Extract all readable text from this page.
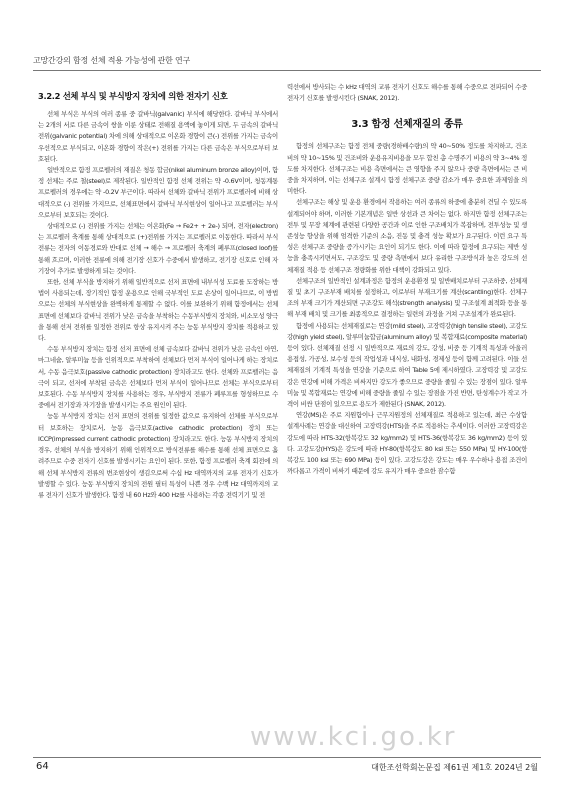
고망간강의 함정 선체 적용 가능성에 관한 연구
3.2.2 선체 부식 및 부식방지 장치에 의한 전자기 신호

선체 부식은 부식의 여러 종류 중 갈바닉(galvanic) 부식에 해당한다. 갈바닉 부식에서는 2개의 서로 다른 금속이 쌍을 이룬 상태로 전해질 용액에 놓이게 되면, 두 금속의 갈바닉 전위(galvanic potential) 차에 의해 상대적으로 이온화 경향이 큰(-) 전위를 가지는 금속이 우선적으로 부식되고, 이온화 경향이 작은(+) 전위를 가지는 다른 금속은 부식으로부터 보호된다.

일반적으로 함정 프로펠러의 재질은 청동 합금(nikel aluminum bronze alloy)이며, 함정 선체는 주로 철(steel)로 제작된다. 일반적인 함정 선체 전위는 약 -0.6V이며, 청동계통 프로펠러의 경우에는 약 -0.2V 부근이다. 따라서 선체와 갈바닉 전위가 프로펠러에 비해 상대적으로 (-) 전위를 가지므로, 선체표면에서 갈바닉 부식현상이 일어나고 프로펠러는 부식으로부터 보호되는 것이다.

상대적으로 (-) 전위를 가지는 선체는 이온화(Fe → Fe2+ + 2e-) 되며, 전자(electron)는 프로펠러 축계를 통해 상대적으로 (+)전위를 가지는 프로펠러로 이동한다. 따라서 부식전류는 전자의 이동경로와 반대로 선체 → 해수 → 프로펠러 축계의 폐루프(closed loof)를 통해 흐르며, 이러한 전류에 의해 전기장 신호가 수중에서 발생하고, 전기장 신호로 인해 자기장이 추가로 발생하게 되는 것이다.

또한, 선체 부식을 방지하기 위해 일반적으로 선저 표면에 내부식성 도료를 도장하는 방법이 사용되는데, 장기적인 함정 운용으로 인해 국부적인 도료 손상이 일어나므로, 이 방법으로는 선체의 부식현상을 완벽하게 통제할 수 없다. 이를 보완하기 위해 함정에서는 선체 표면에 선체보다 갈바닉 전위가 낮은 금속을 부착하는 수동부식방지 장치와, 비소모성 양극을 통해 선저 전위를 일정한 전위로 항상 유지시켜 주는 능동 부식방지 장치를 적용하고 있다.

수동 부식방지 장치는 함정 선저 표면에 선체 금속보다 갈바닉 전위가 낮은 금속인 아연, 마그네슘, 알루미늄 등을 인위적으로 부착하여 선체보다 먼저 부식이 일어나게 하는 장치로서, 수동 음극보호(passive cathodic protection) 장치라고도 한다. 선체와 프로펠러는 음극이 되고, 선저에 부착된 금속은 선체보다 먼저 부식이 일어나므로 선체는 부식으로부터 보호된다. 수동 부식방지 장치를 사용하는 경우, 부식방지 전류가 폐루프를 형성하므로 수중에서 전기장과 자기장을 발생시키는 주요 원인이 된다.

능동 부식방지 장치는 선저 표면의 전위를 일정한 값으로 유지하여 선체를 부식으로부터 보호하는 장치로서, 능동 음극보호(active cathodic protection) 장치 또는 ICCP(impressed current cathodic protection) 장치라고도 한다. 능동 부식방지 장치의 경우, 선체의 부식을 방지하기 위해 인위적으로 방식전류를 해수를 통해 선체 표면으로 흘려주므로 수중 전자기 신호를 발생시키는 요인이 된다. 또한, 함정 프로펠러 축계 회전에 의해 선체 부식방지 전류의 변조현상이 생김으로써 수십 Hz 대역까지의 교류 전자기 신호가 발생할 수 있다. 능동 부식방지 장치의 전원 필터 특성이 나쁜 경우 수백 Hz 대역까지의 교류 전자기 신호가 발생한다. 함정 내 60 Hz와 400 Hz를 사용하는 각종 전력기기 및 전

력선에서 방사되는 수 kHz 대역의 교류 전자기 신호도 해수를 통해 수중으로 전파되어 수중 전자기 신호를 발생시킨다 (SNAK, 2012).

3.3 함정 선체재질의 종류

함정의 선체구조는 함정 전체 중량(경하배수량)의 약 40~50% 정도를 차지하고, 건조비의 약 10~15% 및 건조비와 운용유지비용을 모두 합친 총 수명주기 비용의 약 3~4% 정도를 차지한다. 선체구조는 비용 측면에서는 큰 영향을 주지 않으나 중량 측면에서는 큰 비중을 차지하며, 이는 선체구조 설계시 함정 선체구조 중량 감소가 매우 중요한 과제임을 의미한다.

선체구조는 해상 및 운용 환경에서 작용하는 여러 종류의 하중에 충분히 견딜 수 있도록 설계되어야 하며, 이러한 기본개념은 일반 상선과 큰 차이는 없다. 하지만 함정 선체구조는 전투 및 무장 체계에 관련된 다양한 공간과 이로 인한 구조배치가 복잡하며, 전투성능 및 생존성능 향상을 위해 엄격한 기준의 소음, 진동 및 충격 성능 확보가 요구된다. 이런 요구 특성은 선체구조 중량을 증가시키는 요인이 되기도 한다. 이에 따라 함정에 요구되는 제반 성능을 충족시키면서도, 구조강도 및 중량 측면에서 보다 유리한 구조방식과 높은 강도의 선체재질 적용 등 선체구조 경량화를 위한 대책이 강화되고 있다.

선체구조의 일반적인 설계과정은 함정의 운용환경 및 일반배치로부터 구조하중, 선체재질 및 초기 구조부재 배치를 설정하고, 이로부터 부재크기를 계산(scantling)한다. 선체구조의 부재 크기가 계산되면 구조강도 해석(strength analysis) 및 구조설계 최적화 등을 통해 부재 배치 및 크기를 최종적으로 결정하는 일련의 과정을 거쳐 구조설계가 완료된다.

함정에 사용되는 선체재질로는 연강(mild steel), 고장력강(high tensile steel), 고강도강(high yield steel), 알루미늄합금(aluminum alloy) 및 복합재료(composite material) 등이 있다. 선체재질 선정 시 일반적으로 재료의 강도, 강성, 비중 등 기계적 특성과 아울러 용접성, 가공성, 보수성 등의 작업성과 내식성, 내화성, 경제성 등이 함께 고려된다. 이들 선체재질의 기계적 특성을 연강을 기준으로 하여 Table 5에 제시하였다. 고장력강 및 고강도강은 연강에 비해 가격은 비싸지만 강도가 좋으므로 중량을 줄일 수 있는 장점이 있다. 알루미늄 및 복합재료는 연강에 비해 중량을 줄일 수 있는 장점을 가진 반면, 탄성계수가 작고 가격이 비싼 단점이 있으므로 용도가 제한된다 (SNAK, 2012).

연강(MS)은 주로 지원함이나 근무지원정의 선체재질로 적용하고 있는데, 최근 수상함 설계사례는 연강을 대신하여 고장력강(HTS)을 주로 적용하는 추세이다. 이러한 고장력강은 강도에 따라 HTS-32(항복강도 32 kg/mm2) 및 HTS-36(항복강도 36 kg/mm2) 등이 있다. 고강도강(HYS)은 강도에 따라 HY-80(항복강도 80 ksi 또는 550 MPa) 및 HY-100(항복강도 100 ksi 또는 690 MPa) 등이 있다. 고강도강은 강도는 매우 우수하나 용접 조건이 까다롭고 가격이 비싸기 때문에 강도 유지가 매우 중요한 잠수함

www.kci.go.kr
64	대한조선학회논문집 제61권 제1호 2024년 2월
